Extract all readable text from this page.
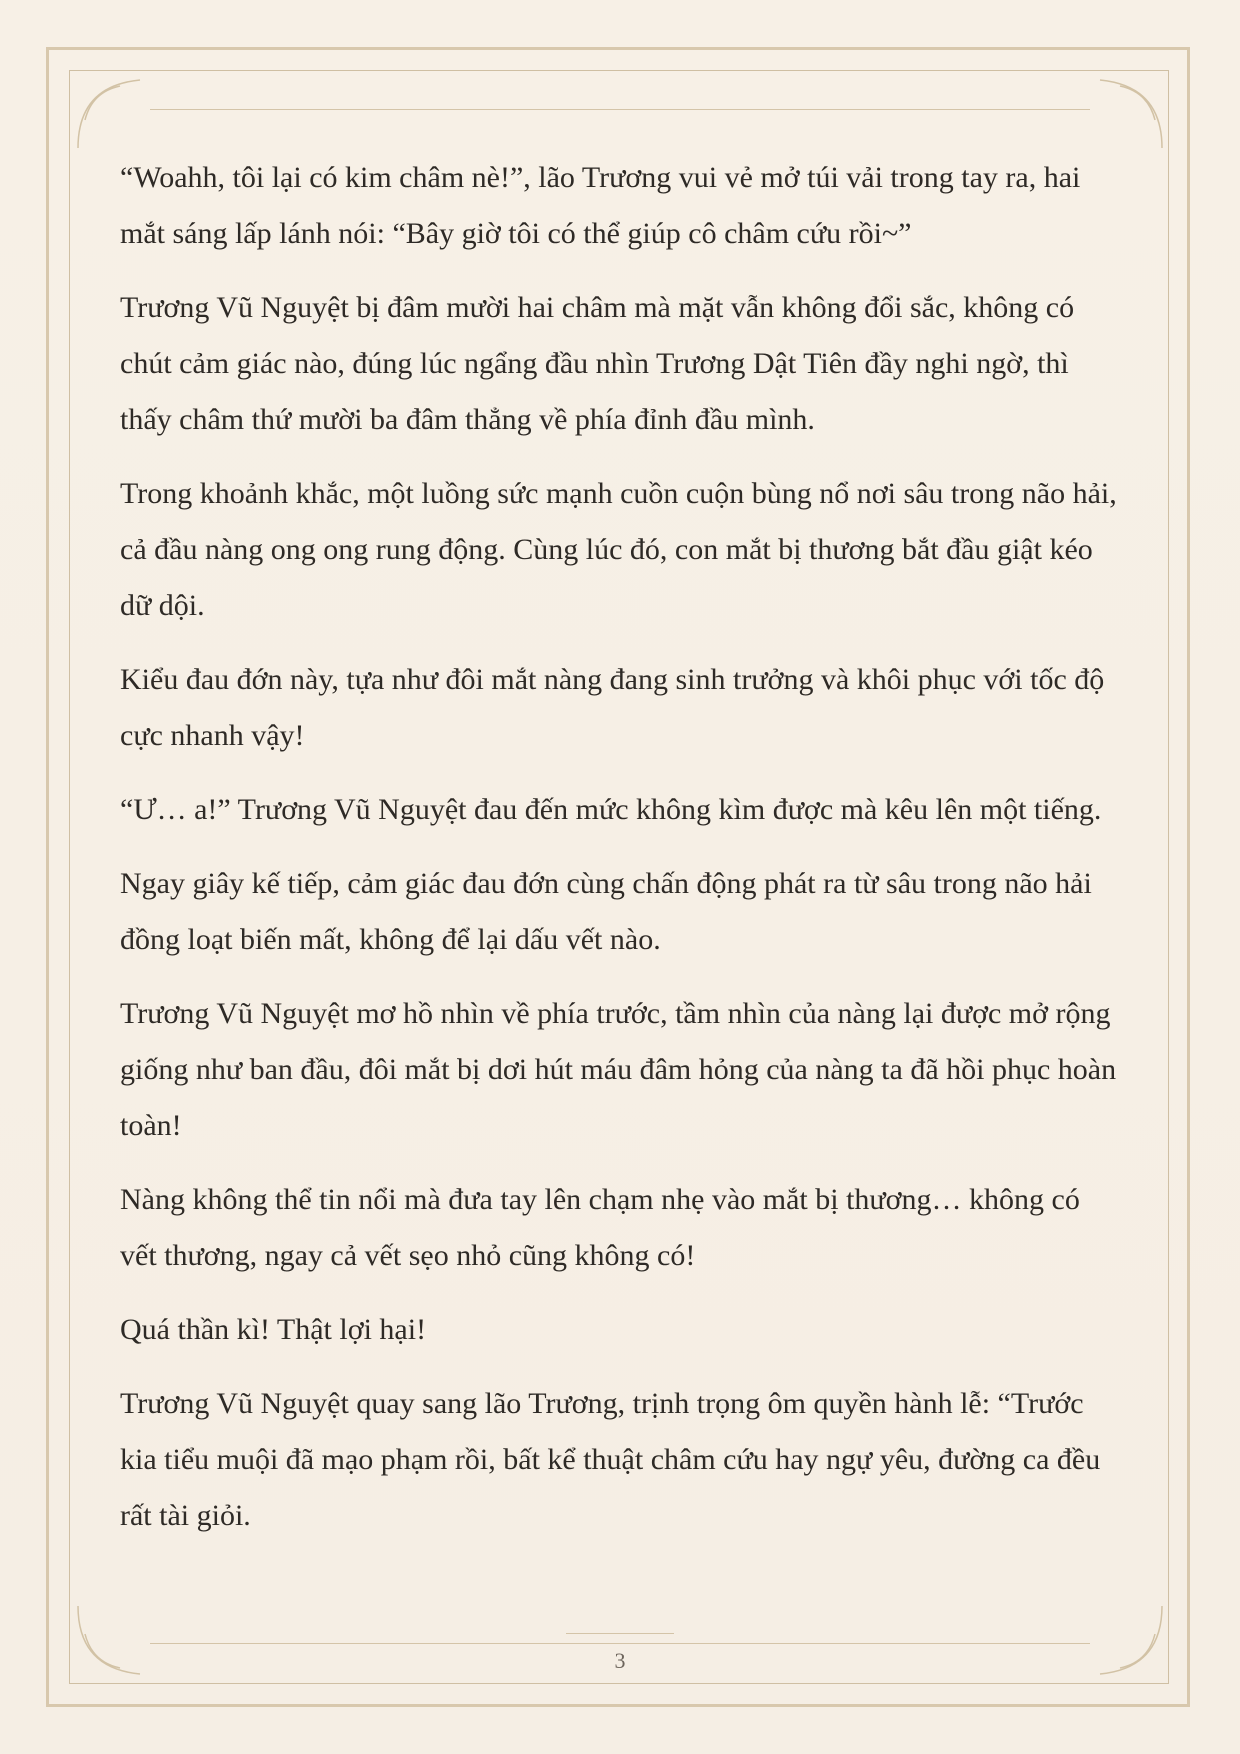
“Woahh, tôi lại có kim châm nè!”, lão Trương vui vẻ mở túi vải trong tay ra, hai mắt sáng lấp lánh nói: “Bây giờ tôi có thể giúp cô châm cứu rồi~”

Trương Vũ Nguyệt bị đâm mười hai châm mà mặt vẫn không đổi sắc, không có chút cảm giác nào, đúng lúc ngẩng đầu nhìn Trương Dật Tiên đầy nghi ngờ, thì thấy châm thứ mười ba đâm thẳng về phía đỉnh đầu mình.

Trong khoảnh khắc, một luồng sức mạnh cuồn cuộn bùng nổ nơi sâu trong não hải, cả đầu nàng ong ong rung động. Cùng lúc đó, con mắt bị thương bắt đầu giật kéo dữ dội.

Kiểu đau đớn này, tựa như đôi mắt nàng đang sinh trưởng và khôi phục với tốc độ cực nhanh vậy!

“Ư… a!” Trương Vũ Nguyệt đau đến mức không kìm được mà kêu lên một tiếng.

Ngay giây kế tiếp, cảm giác đau đớn cùng chấn động phát ra từ sâu trong não hải đồng loạt biến mất, không để lại dấu vết nào.

Trương Vũ Nguyệt mơ hồ nhìn về phía trước, tầm nhìn của nàng lại được mở rộng giống như ban đầu, đôi mắt bị dơi hút máu đâm hỏng của nàng ta đã hồi phục hoàn toàn!

Nàng không thể tin nổi mà đưa tay lên chạm nhẹ vào mắt bị thương… không có vết thương, ngay cả vết sẹo nhỏ cũng không có!

Quá thần kì! Thật lợi hại!

Trương Vũ Nguyệt quay sang lão Trương, trịnh trọng ôm quyền hành lễ: “Trước kia tiểu muội đã mạo phạm rồi, bất kể thuật châm cứu hay ngự yêu, đường ca đều rất tài giỏi.

3
